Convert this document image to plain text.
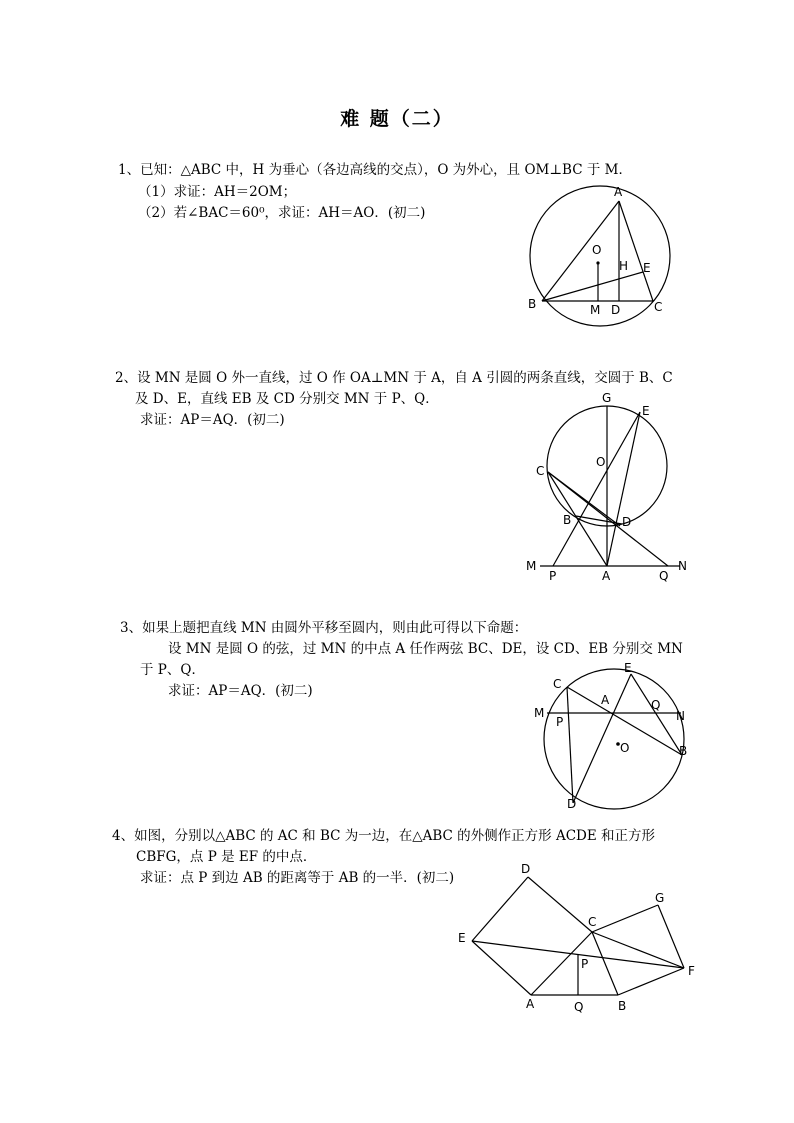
难 题（二）
1、已知：△ABC 中，H 为垂心（各边高线的交点），O 为外心，且 OM⊥BC 于 M．
（1）求证：AH＝2OM；
（2）若∠BAC＝60⁰，求证：AH＝AO．(初二)
A
O
H E
B	M D	C
2、设 MN 是圆 O 外一直线，过 O 作 OA⊥MN 于 A，自 A 引圆的两条直线，交圆于 B、C
及 D、E，直线 EB 及 CD 分别交 MN 于 P、Q．
求证：AP＝AQ．(初二)
G
E
O
C
B	D
M
P	A	Q
N
3、如果上题把直线 MN 由圆外平移至圆内，则由此可得以下命题：
设 MN 是圆 O 的弦，过 MN 的中点 A 任作两弦 BC、DE，设 CD、EB 分别交 MN
于 P、Q．
求证：AP＝AQ．(初二)
E
C
A	Q
M
P	N
O	B
D
4、如图，分别以△ABC 的 AC 和 BC 为一边，在△ABC 的外侧作正方形 ACDE 和正方形
CBFG，点 P 是 EF 的中点．
求证：点 P 到边 AB 的距离等于 AB 的一半．(初二)
D
G
C
E
P	F
A	Q	B
